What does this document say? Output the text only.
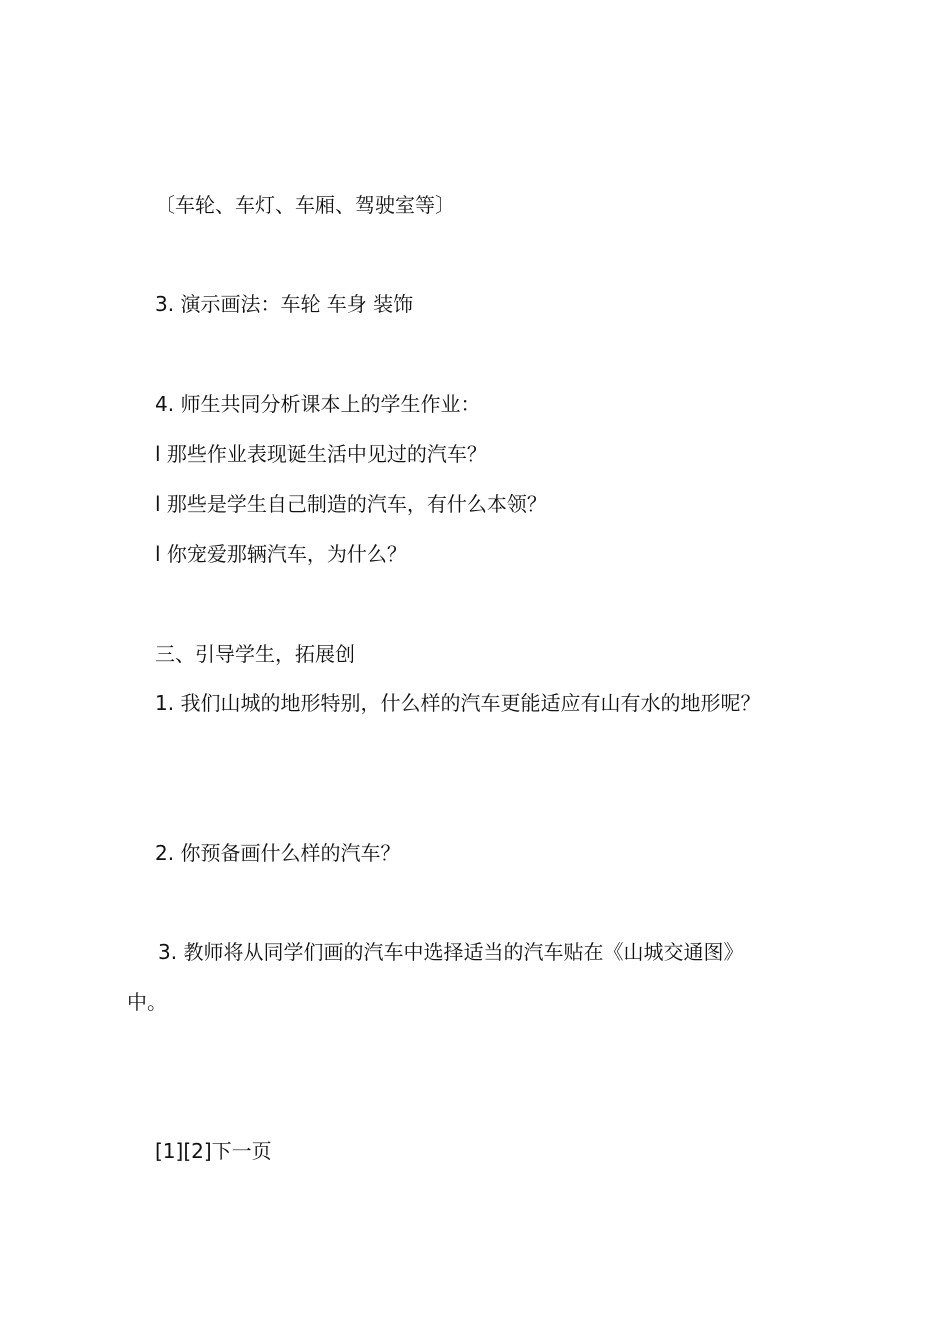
〔车轮、车灯、车厢、驾驶室等〕
3. 演示画法：车轮 车身 装饰
4. 师生共同分析课本上的学生作业：
l 那些作业表现诞生活中见过的汽车？
l 那些是学生自己制造的汽车，有什么本领？
l 你宠爱那辆汽车，为什么？
三、引导学生，拓展创
1. 我们山城的地形特别，什么样的汽车更能适应有山有水的地形呢？
2. 你预备画什么样的汽车？
3. 教师将从同学们画的汽车中选择适当的汽车贴在《山城交通图》
中。
[1][2]下一页
